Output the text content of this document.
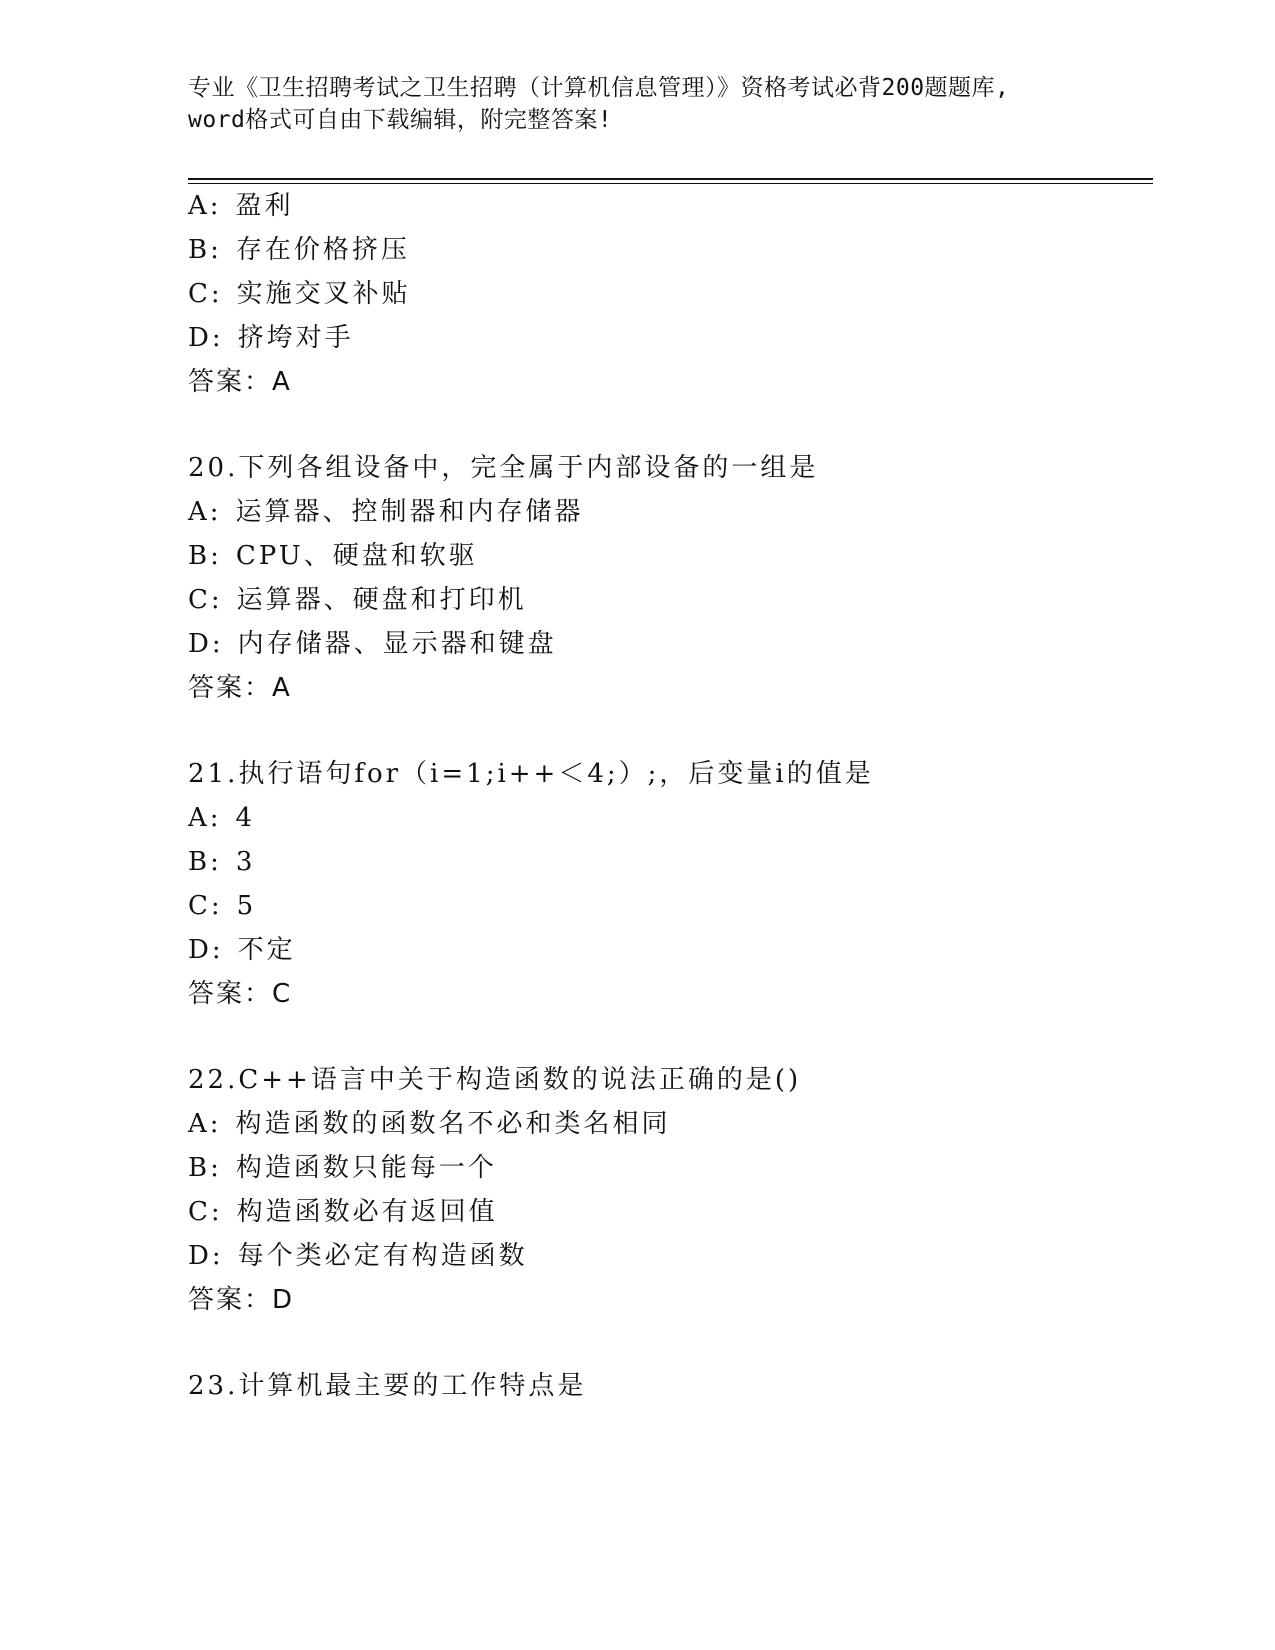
专业《卫生招聘考试之卫生招聘（计算机信息管理）》资格考试必背200题题库,
word格式可自由下载编辑，附完整答案!
A: 盈利
B: 存在价格挤压
C: 实施交叉补贴
D: 挤垮对手
答案：A
20.下列各组设备中，完全属于内部设备的一组是
A: 运算器、控制器和内存储器
B: CPU、硬盘和软驱
C: 运算器、硬盘和打印机
D: 内存储器、显示器和键盘
答案：A
21.执行语句for（i=1;i++＜4;）;，后变量i的值是
A: 4
B: 3
C: 5
D: 不定
答案：C
22.C++语言中关于构造函数的说法正确的是()
A: 构造函数的函数名不必和类名相同
B: 构造函数只能每一个
C: 构造函数必有返回值
D: 每个类必定有构造函数
答案：D
23.计算机最主要的工作特点是
